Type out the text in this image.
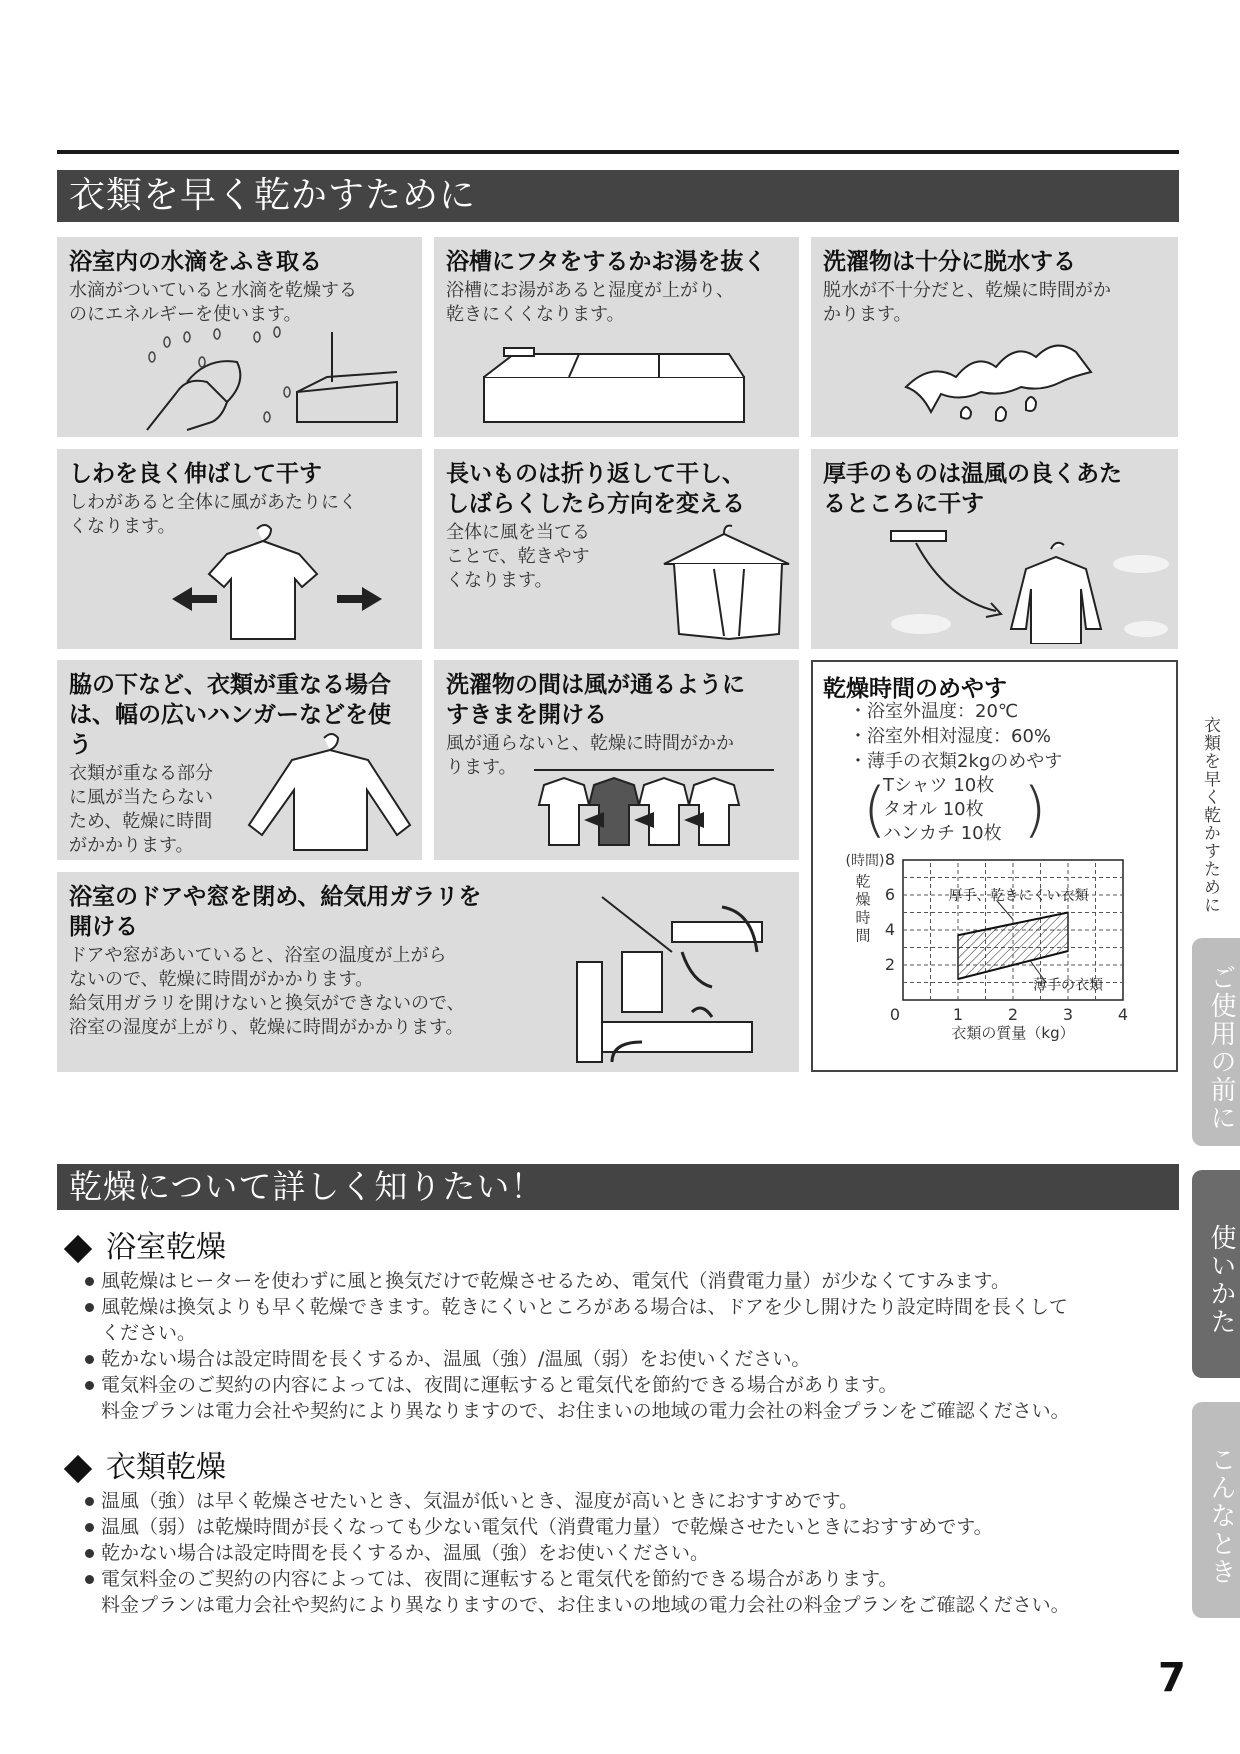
衣類を早く乾かすために
浴室内の水滴をふき取る
水滴がついていると水滴を乾燥する
のにエネルギーを使います。
浴槽にフタをするかお湯を抜く
浴槽にお湯があると湿度が上がり、
乾きにくくなります。
洗濯物は十分に脱水する
脱水が不十分だと、乾燥に時間がか
かります。
しわを良く伸ばして干す
しわがあると全体に風があたりにく
くなります。
長いものは折り返して干し、
しばらくしたら方向を変える
全体に風を当てる
ことで、乾きやす
くなります。
厚手のものは温風の良くあた
るところに干す
脇の下など、衣類が重なる場合
は、幅の広いハンガーなどを使う
衣類が重なる部分
に風が当たらない
ため、乾燥に時間
がかかります。
洗濯物の間は風が通るように
すきまを開ける
風が通らないと、乾燥に時間がかか
ります。
浴室のドアや窓を閉め、給気用ガラリを
開ける
ドアや窓があいていると、浴室の温度が上がら
ないので、乾燥に時間がかかります。
給気用ガラリを開けないと換気ができないので、
浴室の湿度が上がり、乾燥に時間がかかります。
乾燥時間のめやす
・浴室外温度：20℃
・浴室外相対湿度：60%
・薄手の衣類2kgのめやす
(
Tシャツ 10枚
タオル 10枚
ハンカチ 10枚 )
0	1	2	3	4
2
4
6
8
(時間)
乾
燥
時
間
衣類の質量（kg）
厚手、乾きにくい衣類
薄手の衣類
乾燥について詳しく知りたい！
浴室乾燥
風乾燥はヒーターを使わずに風と換気だけで乾燥させるため、電気代（消費電力量）が少なくてすみます。
風乾燥は換気よりも早く乾燥できます。乾きにくいところがある場合は、ドアを少し開けたり設定時間を長くして
ください。
乾かない場合は設定時間を長くするか、温風（強）/温風（弱）をお使いください。
電気料金のご契約の内容によっては、夜間に運転すると電気代を節約できる場合があります。
料金プランは電力会社や契約により異なりますので、お住まいの地域の電力会社の料金プランをご確認ください。
衣類乾燥
温風（強）は早く乾燥させたいとき、気温が低いとき、湿度が高いときにおすすめです。
温風（弱）は乾燥時間が長くなっても少ない電気代（消費電力量）で乾燥させたいときにおすすめです。
乾かない場合は設定時間を長くするか、温風（強）をお使いください。
電気料金のご契約の内容によっては、夜間に運転すると電気代を節約できる場合があります。
料金プランは電力会社や契約により異なりますので、お住まいの地域の電力会社の料金プランをご確認ください。
衣類を早く乾かすために
ご使用の前に
使いかた
こんなとき
7
